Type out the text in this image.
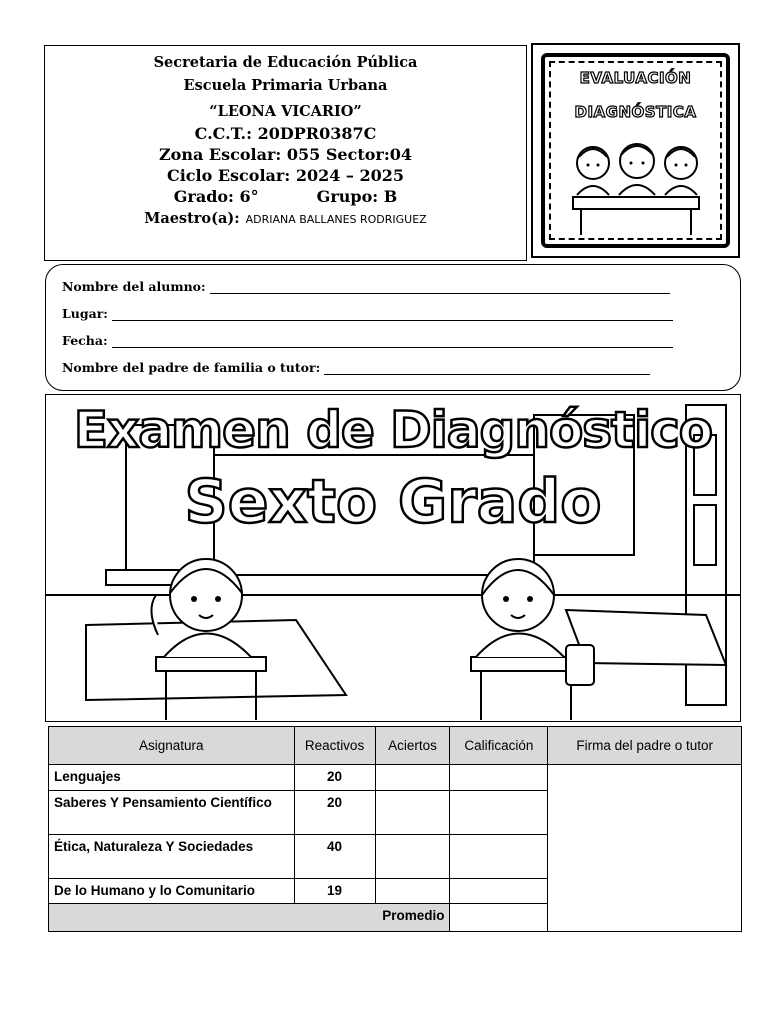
Secretaria de Educación Pública
Escuela Primaria Urbana
“LEONA VICARIO”
C.C.T.: 20DPR0387C
Zona Escolar: 055 Sector:04
Ciclo Escolar: 2024 – 2025
Grado: 6°	Grupo: B
Maestro(a): ADRIANA BALLANES RODRIGUEZ
EVALUACIÓN
DIAGNÓSTICA
Nombre del alumno:
Lugar:
Fecha:
Nombre del padre de familia o tutor:
Examen de Diagnóstico
Sexto Grado
Asignatura	Reactivos	Aciertos	Calificación	Firma del padre o tutor
Lenguajes	20			
Saberes Y Pensamiento Científico	20			
Ética, Naturaleza Y Sociedades	40			
De lo Humano y lo Comunitario	19			
Promedio				
